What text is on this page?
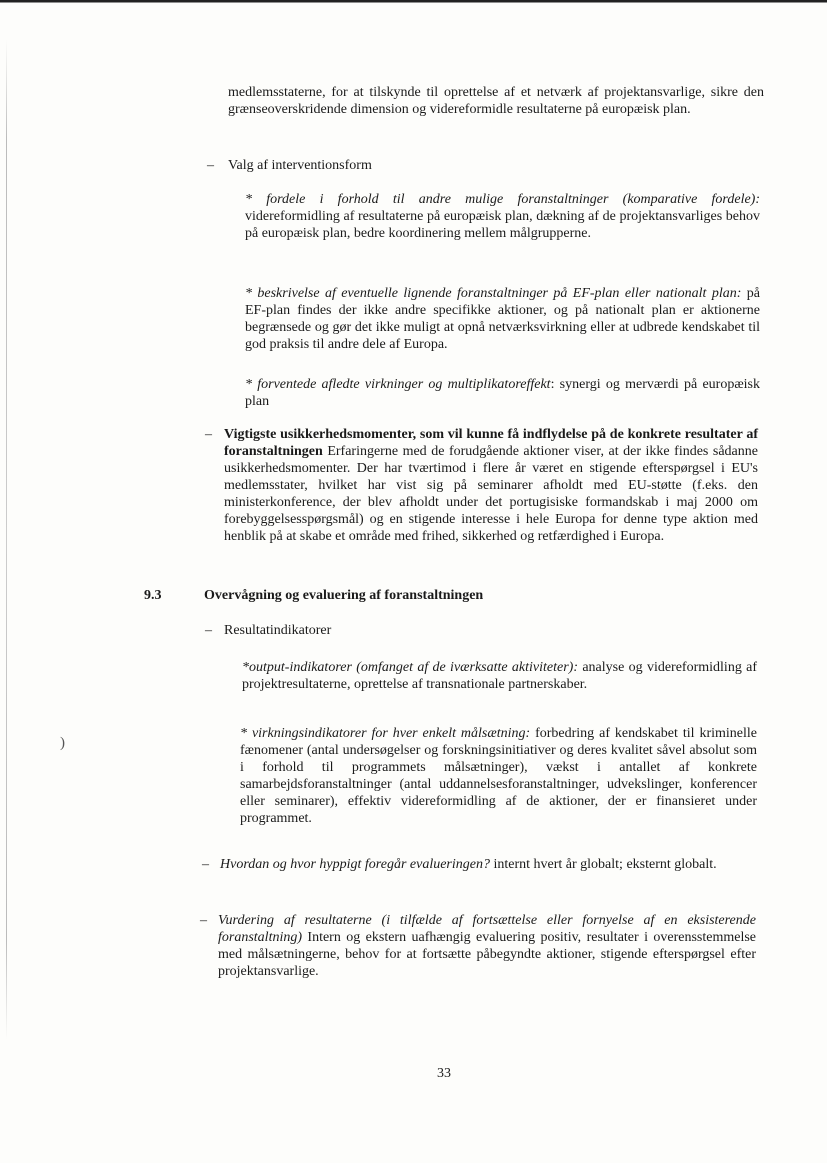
)

medlemsstaterne, for at tilskynde til oprettelse af et netværk af projektansvarlige, sikre den grænseoverskridende dimension og videreformidle resultaterne på europæisk plan.

– Valg af interventionsform

* fordele i forhold til andre mulige foranstaltninger (komparative fordele): videreformidling af resultaterne på europæisk plan, dækning af de projektansvarliges behov på europæisk plan, bedre koordinering mellem målgrupperne.

* beskrivelse af eventuelle lignende foranstaltninger på EF-plan eller nationalt plan: på EF-plan findes der ikke andre specifikke aktioner, og på nationalt plan er aktionerne begrænsede og gør det ikke muligt at opnå netværksvirkning eller at udbrede kendskabet til god praksis til andre dele af Europa.

* forventede afledte virkninger og multiplikatoreffekt: synergi og merværdi på europæisk plan

– Vigtigste usikkerhedsmomenter, som vil kunne få indflydelse på de konkrete resultater af foranstaltningen Erfaringerne med de forudgående aktioner viser, at der ikke findes sådanne usikkerhedsmomenter. Der har tværtimod i flere år været en stigende efterspørgsel i EU's medlemsstater, hvilket har vist sig på seminarer afholdt med EU-støtte (f.eks. den ministerkonference, der blev afholdt under det portugisiske formandskab i maj 2000 om forebyggelsesspørgsmål) og en stigende interesse i hele Europa for denne type aktion med henblik på at skabe et område med frihed, sikkerhed og retfærdighed i Europa.

9.3	Overvågning og evaluering af foranstaltningen
– Resultatindikatorer

*output-indikatorer (omfanget af de iværksatte aktiviteter): analyse og videreformidling af projektresultaterne, oprettelse af transnationale partnerskaber.

* virkningsindikatorer for hver enkelt målsætning: forbedring af kendskabet til kriminelle fænomener (antal undersøgelser og forskningsinitiativer og deres kvalitet såvel absolut som i forhold til programmets målsætninger), vækst i antallet af konkrete samarbejdsforanstaltninger (antal uddannelsesforanstaltninger, udvekslinger, konferencer eller seminarer), effektiv videreformidling af de aktioner, der er finansieret under programmet.

– Hvordan og hvor hyppigt foregår evalueringen? internt hvert år globalt; eksternt globalt.

– Vurdering af resultaterne (i tilfælde af fortsættelse eller fornyelse af en eksisterende foranstaltning) Intern og ekstern uafhængig evaluering positiv, resultater i overensstemmelse med målsætningerne, behov for at fortsætte påbegyndte aktioner, stigende efterspørgsel efter projektansvarlige.

33
